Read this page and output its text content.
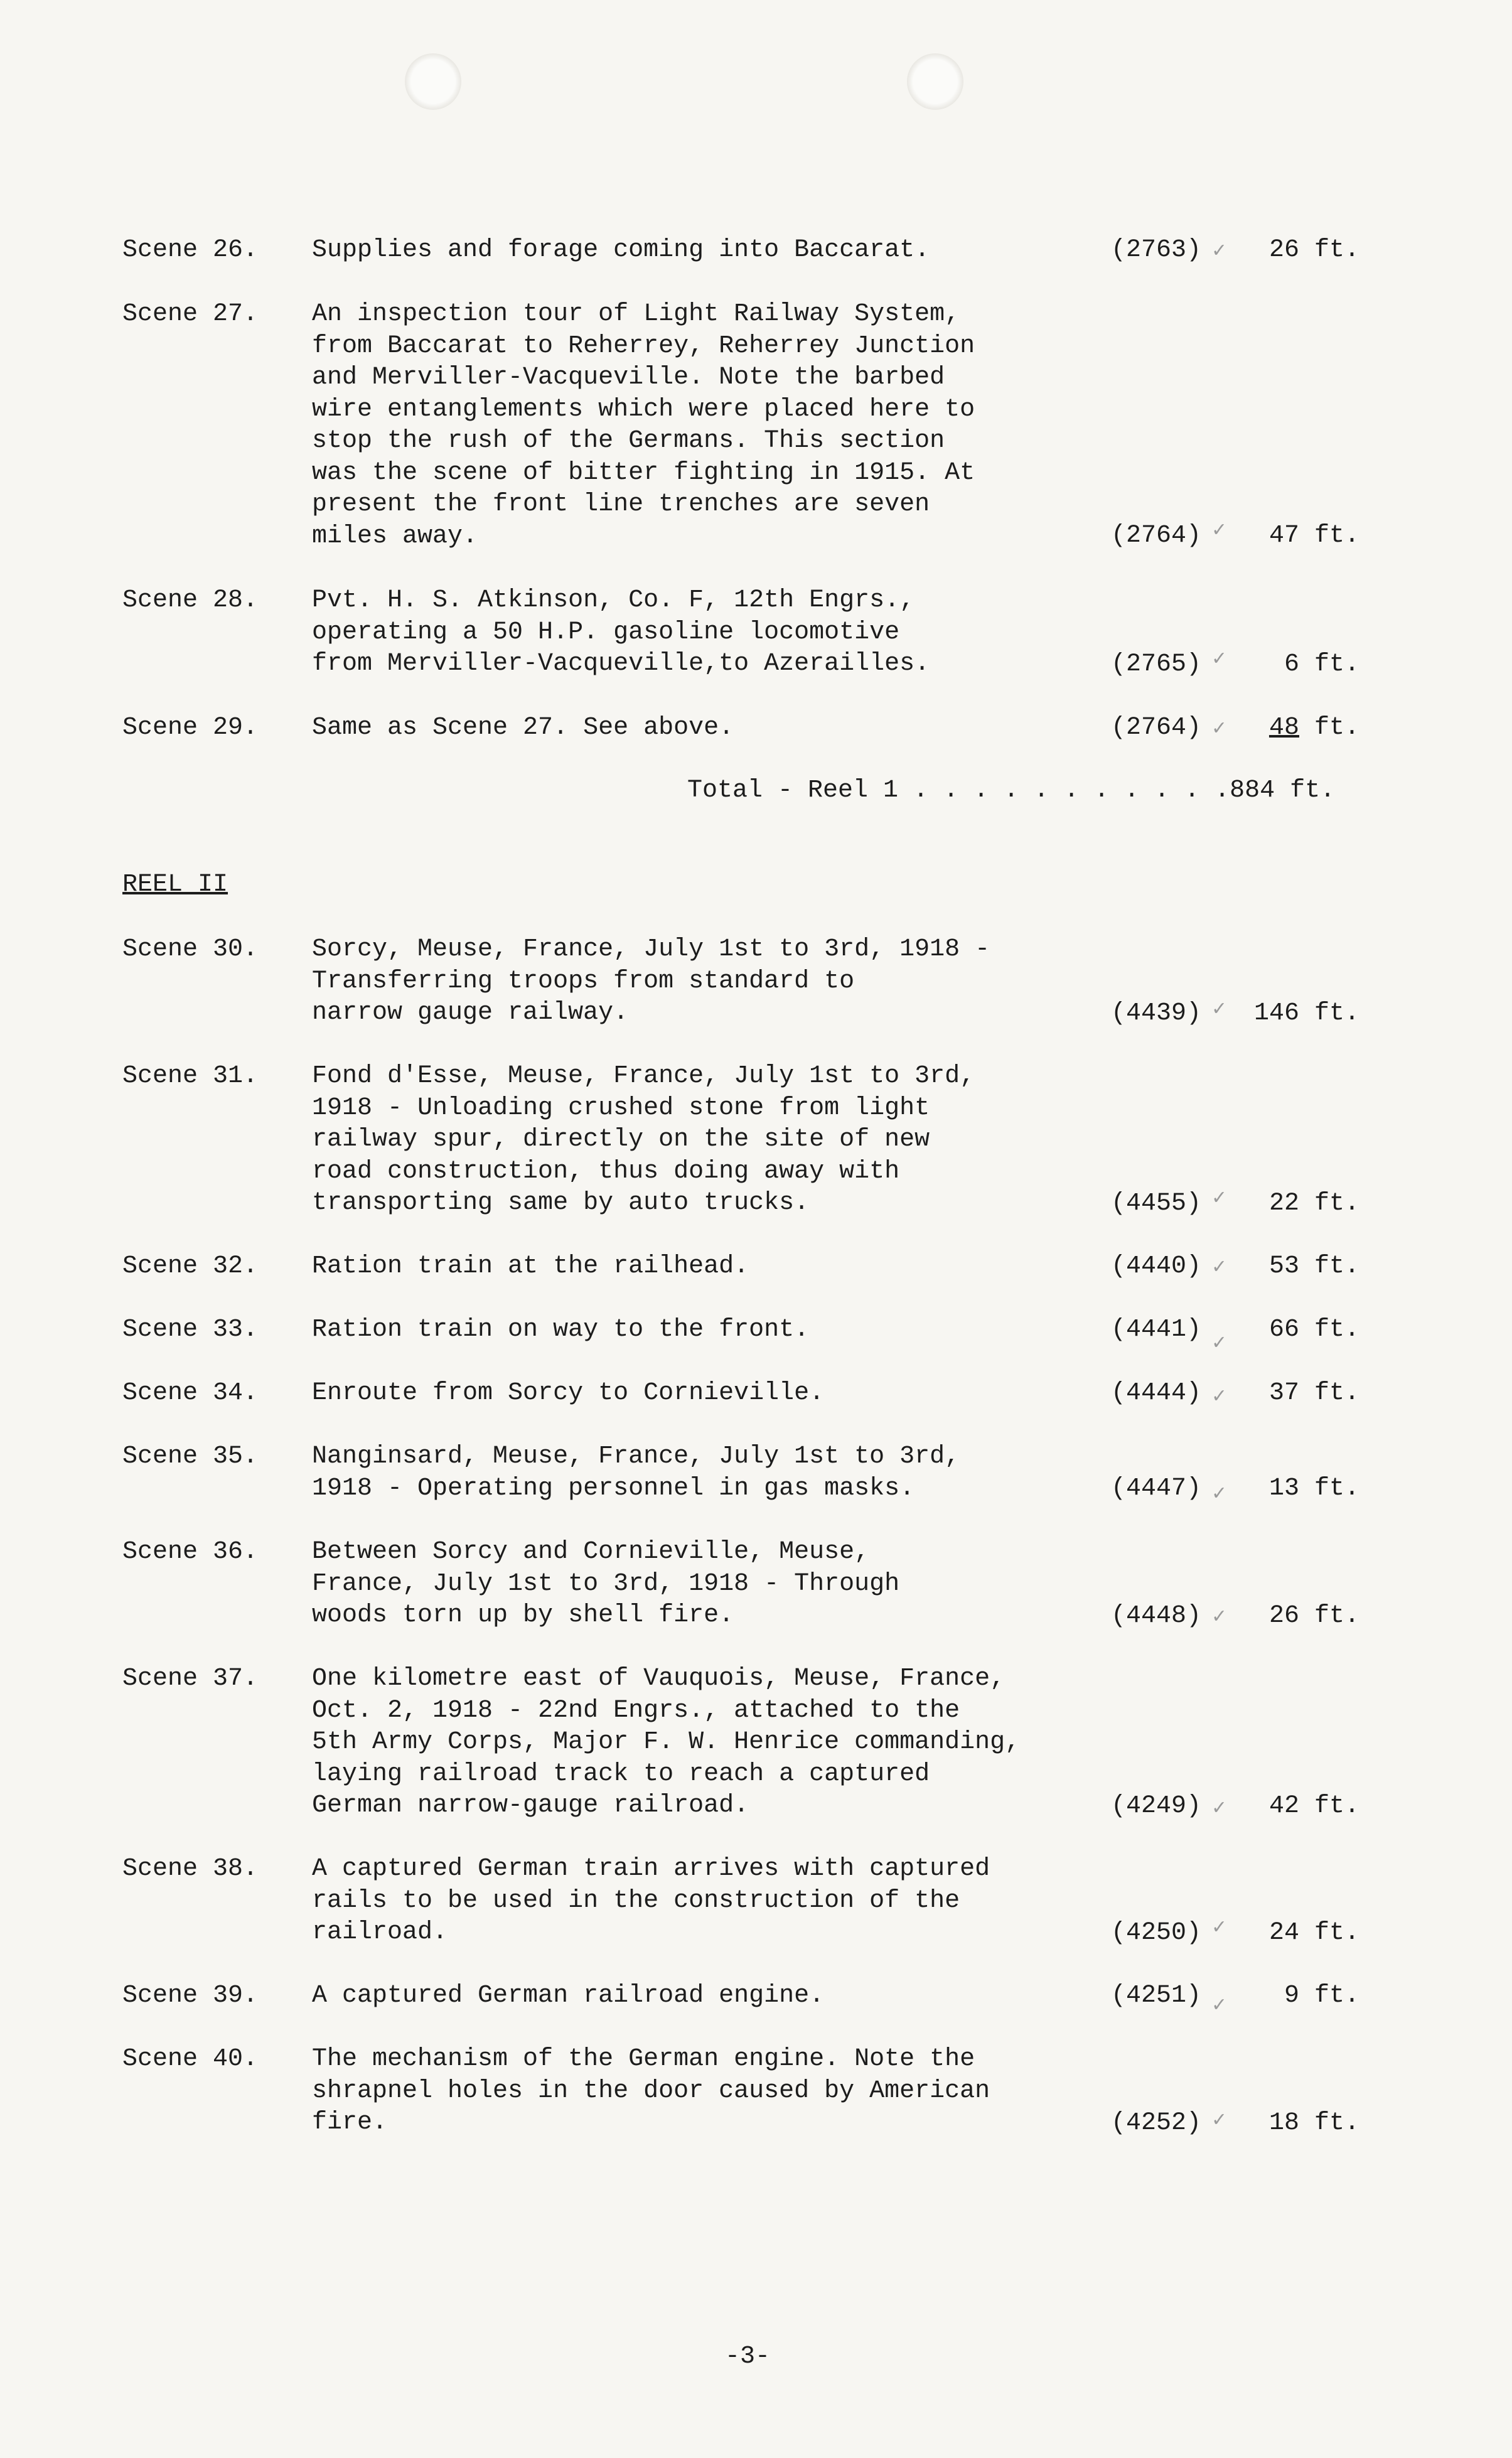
Scene 26. Supplies and forage coming into Baccarat.	(2763) ✓ 26 ft.
Scene 27. An inspection tour of Light Railway System,
from Baccarat to Reherrey, Reherrey Junction
and Merviller-Vacqueville. Note the barbed
wire entanglements which were placed here to
stop the rush of the Germans. This section
was the scene of bitter fighting in 1915. At
present the front line trenches are seven
miles away.	(2764) ✓ 47 ft.
Scene 28. Pvt. H. S. Atkinson, Co. F, 12th Engrs.,
operating a 50 H.P. gasoline locomotive
from Merviller-Vacqueville,to Azerailles.	(2765) ✓ 6 ft.
Scene 29. Same as Scene 27. See above.	(2764) ✓ 48 ft.
Total - Reel 1 . . . . . . . . . . .884 ft.
REEL II
Scene 30. Sorcy, Meuse, France, July 1st to 3rd, 1918 -
Transferring troops from standard to
narrow gauge railway.	(4439) ✓ 146 ft.
Scene 31. Fond d'Esse, Meuse, France, July 1st to 3rd,
1918 - Unloading crushed stone from light
railway spur, directly on the site of new
road construction, thus doing away with
transporting same by auto trucks.	(4455) ✓ 22 ft.
Scene 32. Ration train at the railhead.	(4440) ✓ 53 ft.
Scene 33. Ration train on way to the front.	(4441) ✓ 66 ft.
Scene 34. Enroute from Sorcy to Cornieville.	(4444) ✓ 37 ft.
Scene 35. Nanginsard, Meuse, France, July 1st to 3rd,
1918 - Operating personnel in gas masks.	(4447) ✓ 13 ft.
Scene 36. Between Sorcy and Cornieville, Meuse,
France, July 1st to 3rd, 1918 - Through
woods torn up by shell fire.	(4448) ✓ 26 ft.
Scene 37. One kilometre east of Vauquois, Meuse, France,
Oct. 2, 1918 - 22nd Engrs., attached to the
5th Army Corps, Major F. W. Henrice commanding,
laying railroad track to reach a captured
German narrow-gauge railroad.	(4249) ✓ 42 ft.
Scene 38. A captured German train arrives with captured
rails to be used in the construction of the
railroad.	(4250) ✓ 24 ft.
Scene 39. A captured German railroad engine.	(4251) ✓ 9 ft.
Scene 40. The mechanism of the German engine. Note the
shrapnel holes in the door caused by American
fire.	(4252) ✓ 18 ft.
-3-
